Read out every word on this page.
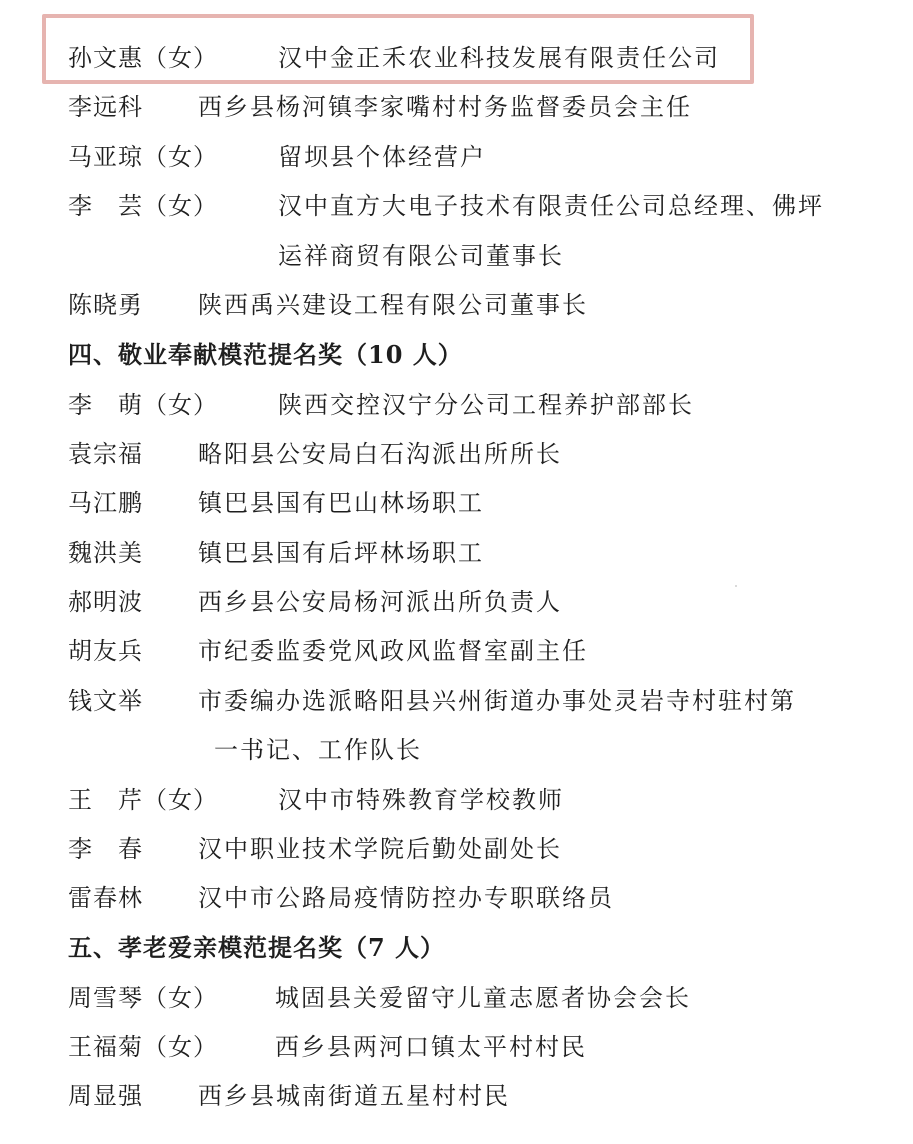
孙文惠（女）	汉中金正禾农业科技发展有限责任公司
李远科 西乡县杨河镇李家嘴村村务监督委员会主任
马亚琼（女）	留坝县个体经营户
李　芸（女）	汉中直方大电子技术有限责任公司总经理、佛坪
运祥商贸有限公司董事长
陈晓勇 陕西禹兴建设工程有限公司董事长
四、敬业奉献模范提名奖（10 人）
李　萌（女）	陕西交控汉宁分公司工程养护部部长
袁宗福 略阳县公安局白石沟派出所所长
马江鹏 镇巴县国有巴山林场职工
魏洪美 镇巴县国有后坪林场职工
郝明波 西乡县公安局杨河派出所负责人
胡友兵 市纪委监委党风政风监督室副主任
钱文举 市委编办选派略阳县兴州街道办事处灵岩寺村驻村第
一书记、工作队长
王　芹（女）	汉中市特殊教育学校教师
李　春 汉中职业技术学院后勤处副处长
雷春林 汉中市公路局疫情防控办专职联络员
五、孝老爱亲模范提名奖（7 人）
周雪琴（女） 城固县关爱留守儿童志愿者协会会长
王福菊（女） 西乡县两河口镇太平村村民
周显强 西乡县城南街道五星村村民
